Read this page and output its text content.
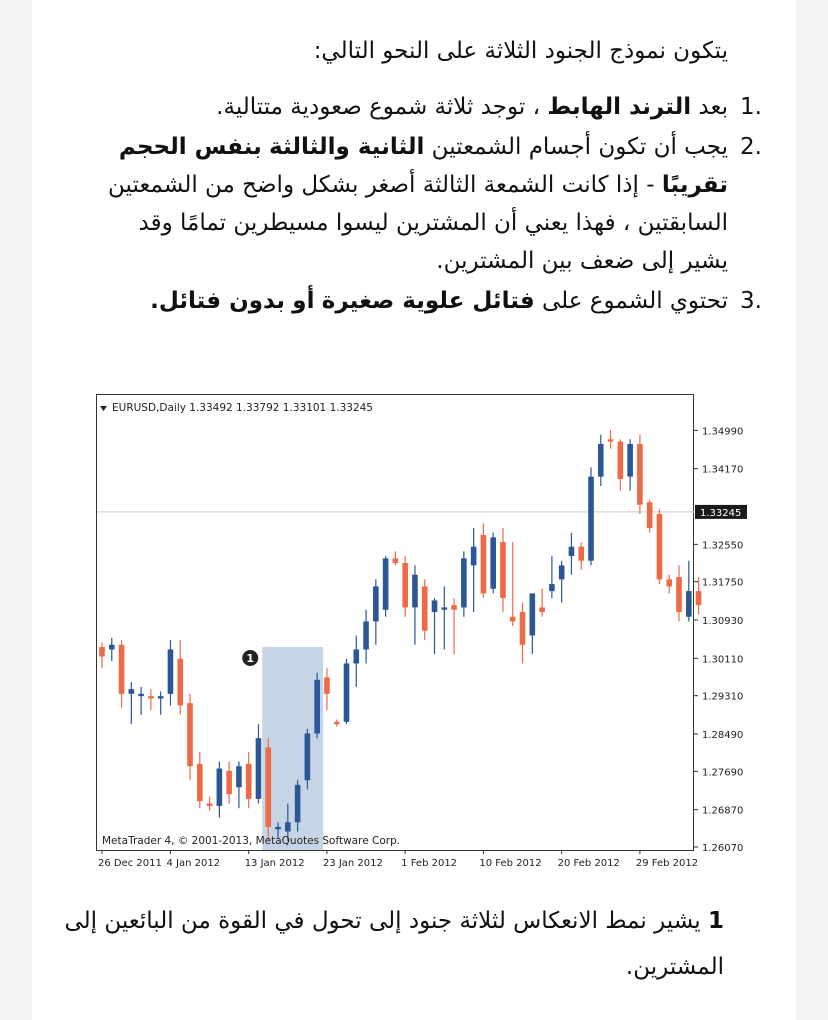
يتكون نموذج الجنود الثلاثة على النحو التالي:

1.
بعد الترند الهابط ، توجد ثلاثة شموع صعودية متتالية.
2.
يجب أن تكون أجسام الشمعتين الثانية والثالثة بنفس الحجم تقريبًا - إذا كانت الشمعة الثالثة أصغر بشكل واضح من الشمعتين السابقتين ، فهذا يعني أن المشترين ليسوا مسيطرين تمامًا وقد يشير إلى ضعف بين المشترين.
3.
تحتوي الشموع على فتائل علوية صغيرة أو بدون فتائل.
1.34990
1.34170
1.32550
1.31750
1.30930
1.30110
1.29310
1.28490
1.27690
1.26870
1.26070
1.33245
26 Dec 2011 4 Jan 2012 13 Jan 2012 23 Jan 2012 1 Feb 2012 10 Feb 2012 20 Feb 2012 29 Feb 2012
EURUSD,Daily 1.33492 1.33792 1.33101 1.33245
MetaTrader 4, © 2001-2013, MetaQuotes Software Corp.
1

1 يشير نمط الانعكاس لثلاثة جنود إلى تحول في القوة من البائعين إلى المشترين.
